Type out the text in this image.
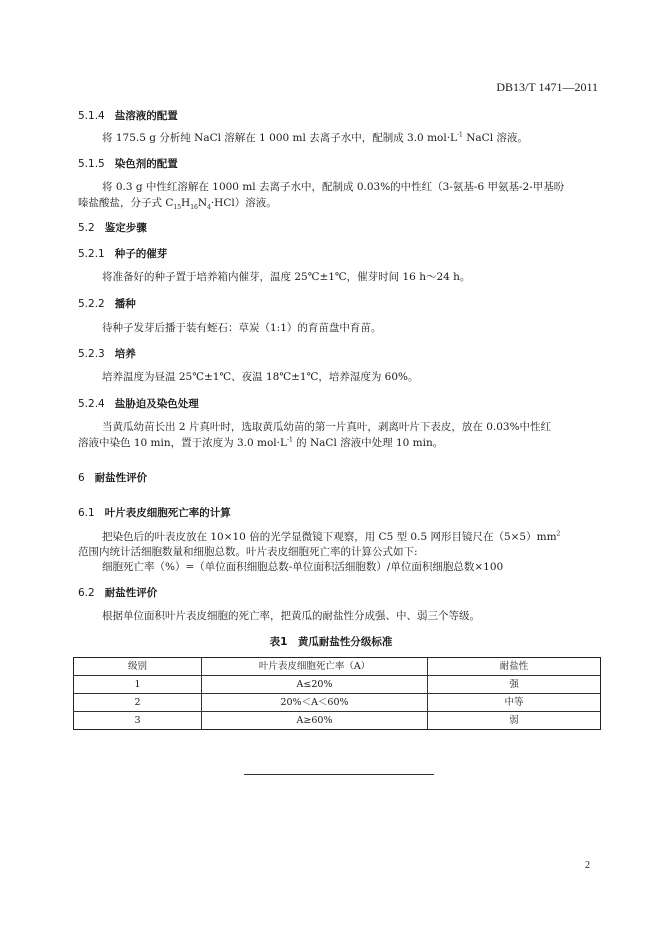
DB13/T 1471—2011
5.1.4 盐溶液的配置
将 175.5 g 分析纯 NaCl 溶解在 1 000 ml 去离子水中，配制成 3.0 $mol\cdot L^{-1}$ NaCl 溶液。
5.1.5 染色剂的配置
将 0.3 g 中性红溶解在 1000 ml 去离子水中，配制成 0.03%的中性红（3-氨基-6 甲氨基-2-甲基吩
嗪盐酸盐，分子式 $C_{15}H_{16}N_4\cdot HCl$）溶液。
5.2 鉴定步骤
5.2.1 种子的催芽
将准备好的种子置于培养箱内催芽，温度 25℃±1℃，催芽时间 16 h～24 h。
5.2.2 播种
待种子发芽后播于装有蛭石：草炭（1:1）的育苗盘中育苗。
5.2.3 培养
培养温度为昼温 25℃±1℃、夜温 18℃±1℃，培养湿度为 60%。
5.2.4 盐胁迫及染色处理
当黄瓜幼苗长出 2 片真叶时，选取黄瓜幼苗的第一片真叶，剥离叶片下表皮，放在 0.03%中性红
溶液中染色 10 min，置于浓度为 3.0 $mol\cdot L^{-1}$ 的 NaCl 溶液中处理 10 min。
6 耐盐性评价
6.1 叶片表皮细胞死亡率的计算
把染色后的叶表皮放在 10×10 倍的光学显微镜下观察，用 C5 型 0.5 网形目镜尺在$(5\times 5)mm^2$
范围内统计活细胞数量和细胞总数。叶片表皮细胞死亡率的计算公式如下:
细胞死亡率（%）=（单位面积细胞总数-单位面积活细胞数）/单位面积细胞总数×100
6.2 耐盐性评价
根据单位面积叶片表皮细胞的死亡率，把黄瓜的耐盐性分成强、中、弱三个等级。
表1　黄瓜耐盐性分级标准
级别	叶片表皮细胞死亡率（A）	耐盐性
1	A≤20%	强
2	20%＜A＜60%	中等
3	A≥60%	弱
2
